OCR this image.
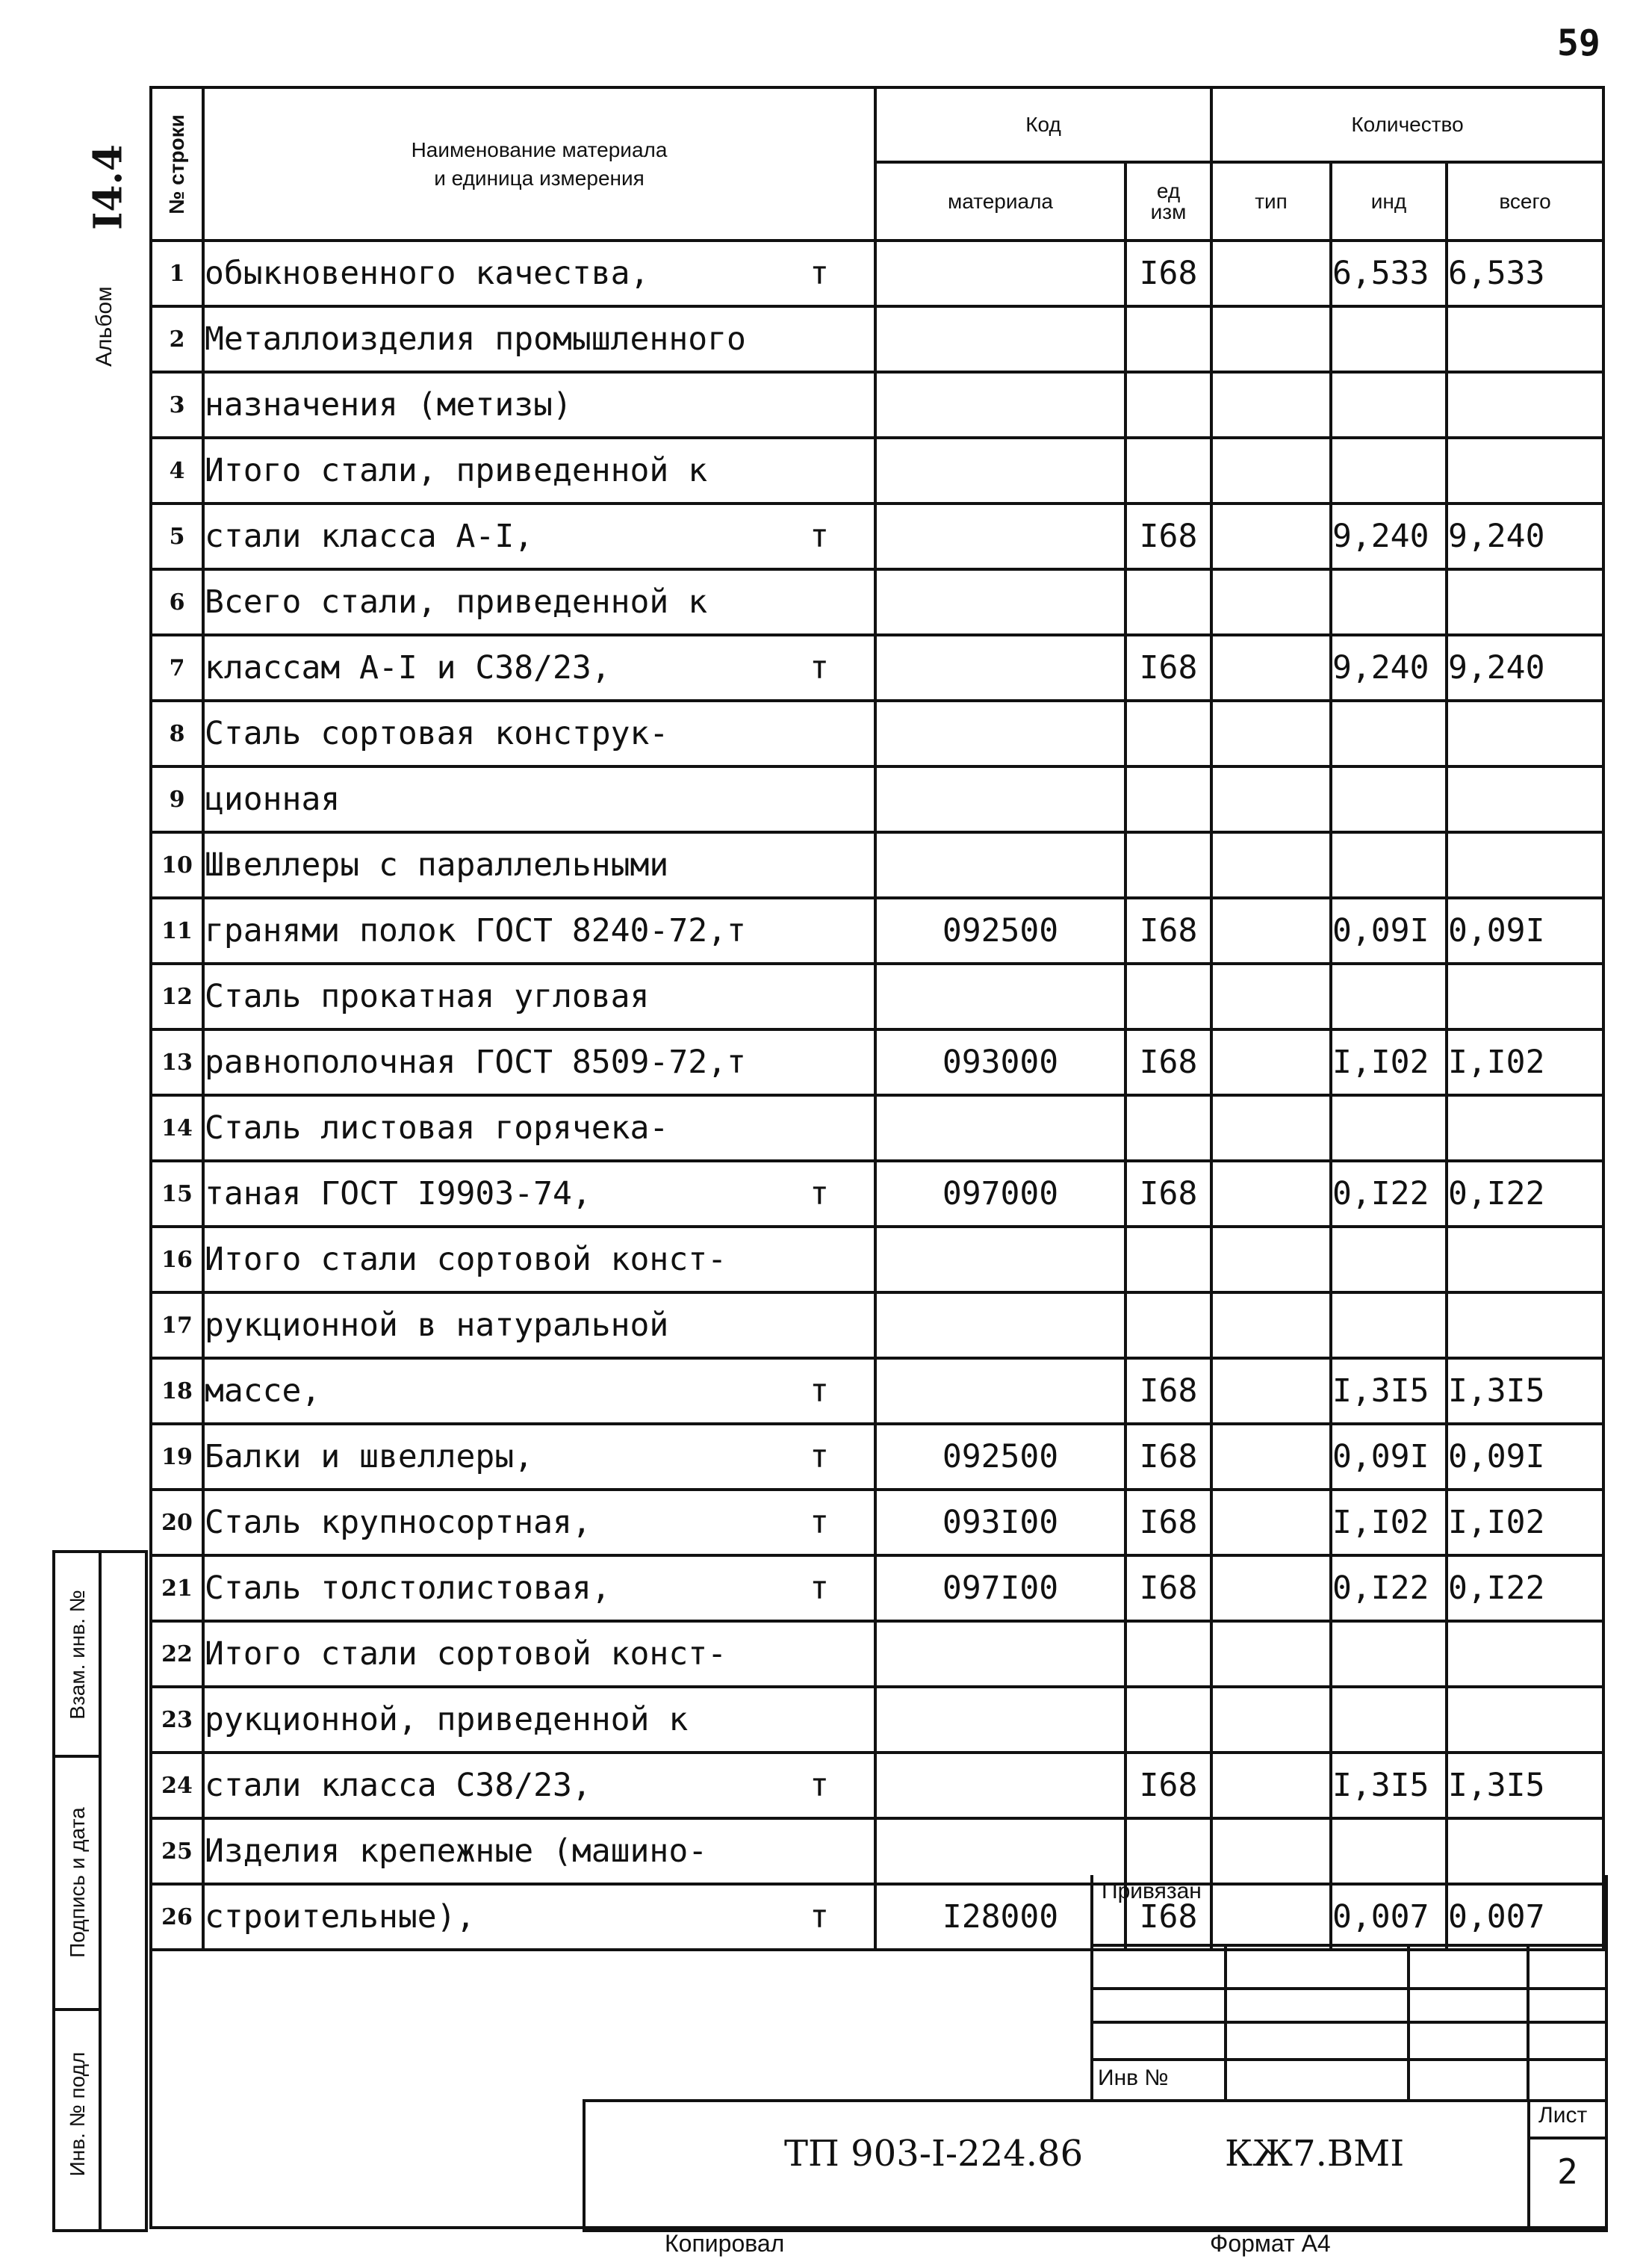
59
I4.4
Альбом
№ строки	Наименование материала
и единица измерения	Код		Количество		
		материала	ед
изм	тип	инд	всего
1	обыкновенного качества, т		I68		6,533	6,533
2	Металлоизделия промышленного

3	назначения (метизы)

4	Итого стали, приведенной к

5	стали класса A-I, т		I68		9,240	9,240
6	Всего стали, приведенной к

7	классам A-I и С38/23, т		I68		9,240	9,240
8	Сталь сортовая конструк-

9	ционная

10	Швеллеры с параллельными

11	гранями полок ГОСТ 8240-72,т	092500	I68		0,09I	0,09I
12	Сталь прокатная угловая

13	равнополочная ГОСТ 8509-72,т	093000	I68		I,I02	I,I02
14	Сталь листовая горячека-

15	таная ГОСТ I9903-74, т	097000	I68		0,I22	0,I22
16	Итого стали сортовой конст-

17	рукционной в натуральной

18	массе, т		I68		I,3I5	I,3I5
19	Балки и швеллеры, т	092500	I68		0,09I	0,09I
20	Сталь крупносортная, т	093I00	I68		I,I02	I,I02
21	Сталь толстолистовая, т	097I00	I68		0,I22	0,I22
22	Итого стали сортовой конст-

23	рукционной, приведенной к

24	стали класса С38/23, т		I68		I,3I5	I,3I5
25	Изделия крепежные (машино-

26	строительные), т	I28000	I68		0,007	0,007
Взам. инв. №
Подпись и дата
Инв. № подл
Привязан
Инв №
ТП 903-I-224.86	КЖ7.ВМI
Лист
2
Копировал	Формат А4
